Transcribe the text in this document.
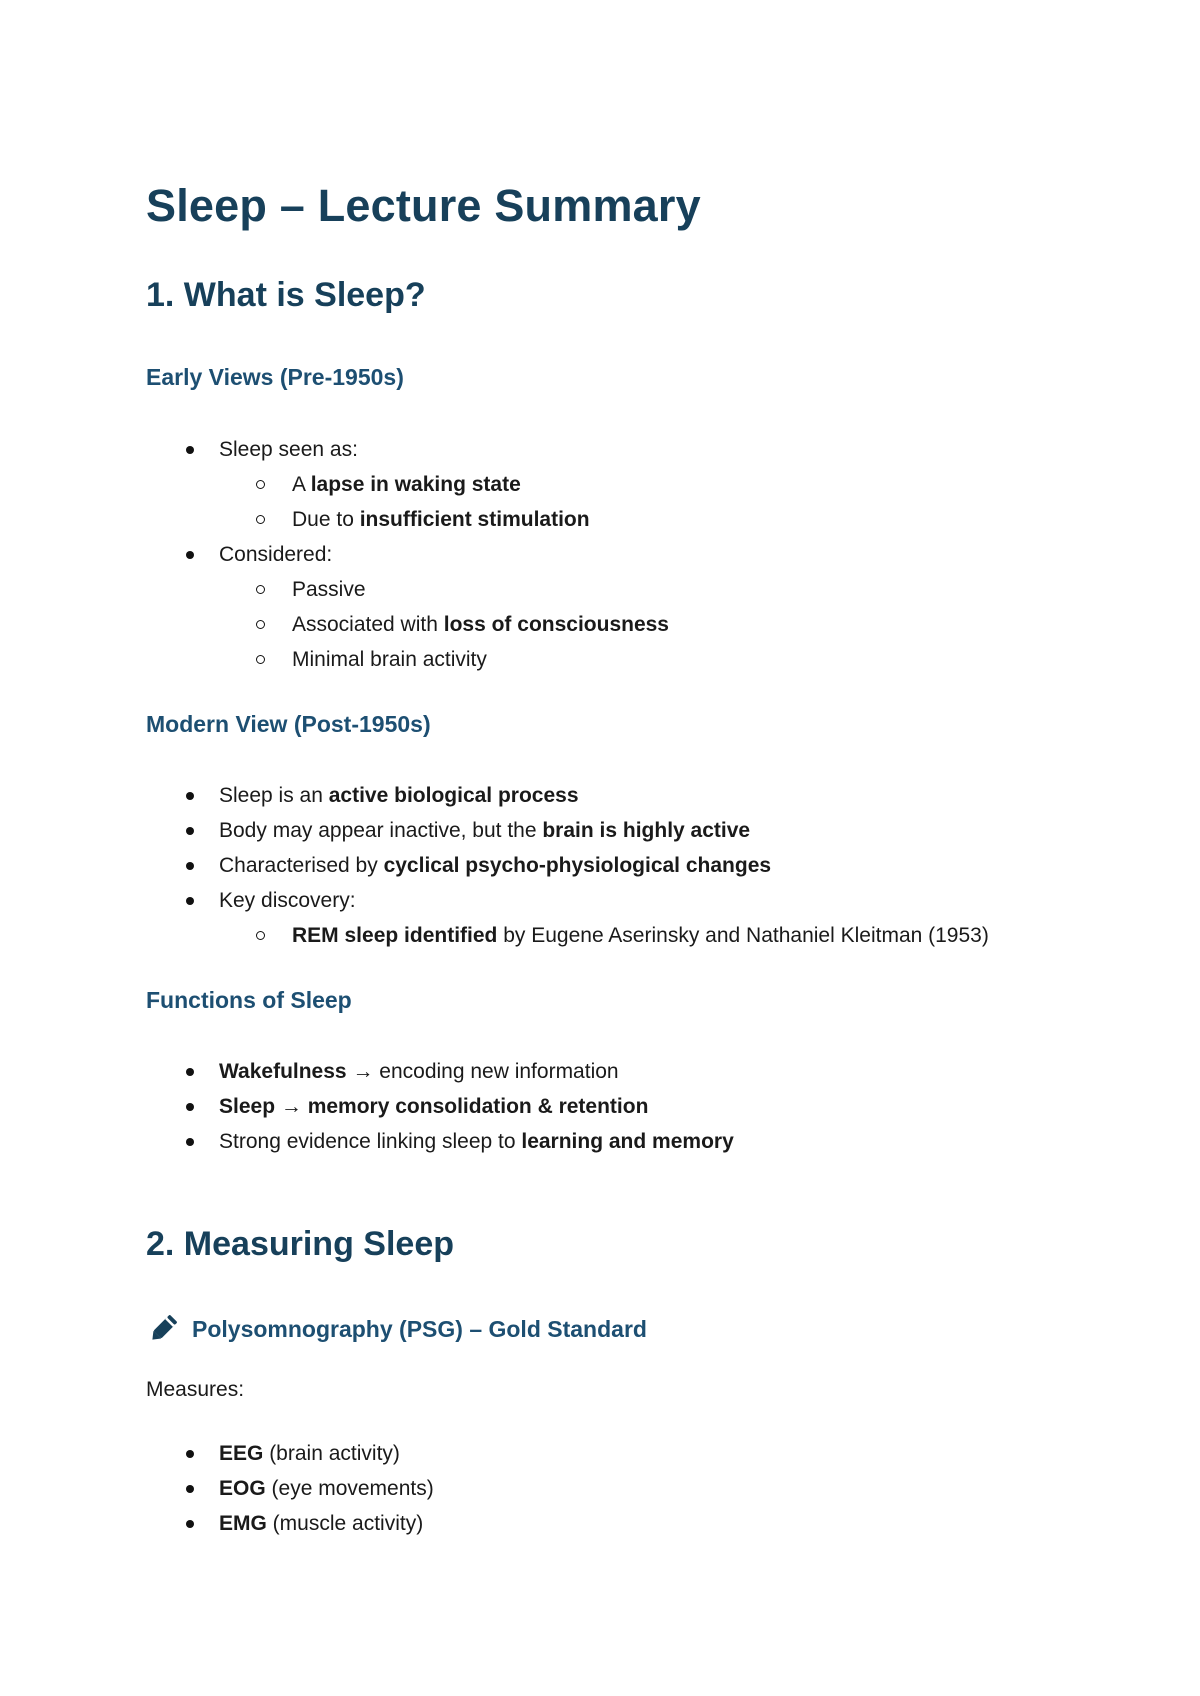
Sleep – Lecture Summary
1. What is Sleep?
Early Views (Pre-1950s)
Sleep seen as:
A lapse in waking state
Due to insufficient stimulation
Considered:
Passive
Associated with loss of consciousness
Minimal brain activity
Modern View (Post-1950s)
Sleep is an active biological process
Body may appear inactive, but the brain is highly active
Characterised by cyclical psycho-physiological changes
Key discovery:
REM sleep identified by Eugene Aserinsky and Nathaniel Kleitman (1953)
Functions of Sleep
Wakefulness → encoding new information
Sleep → memory consolidation & retention
Strong evidence linking sleep to learning and memory
2. Measuring Sleep
Polysomnography (PSG) – Gold Standard

Measures:

EEG (brain activity)
EOG (eye movements)
EMG (muscle activity)
